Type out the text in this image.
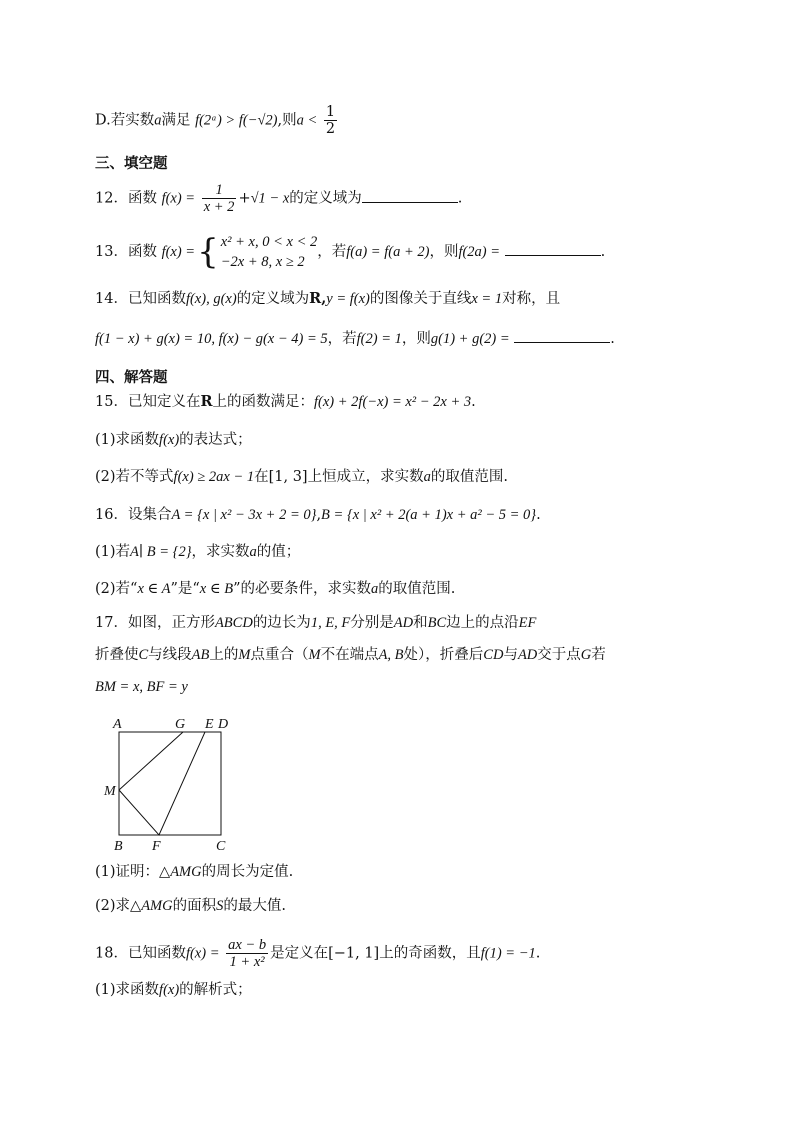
D.若实数a满足 f(2ᵃ) > f(−√2),则$a < \frac{1}{2}$
三、填空题
12．函数 $f(x) = \frac{1}{x + 2} +√1 - x$的定义域为	.
13．函数 f(x) ={ x² + x, 0 < x < 2
−2x + 8, x ≥ 2
，若f(a) = f(a + 2)，则f(2a) =	.
14．已知函数f(x), g(x)的定义域为R,y = f(x)的图像关于直线x = 1对称，且
f(1 − x) + g(x) = 10, f(x) − g(x − 4) = 5，若f(2) = 1，则g(1) + g(2) =	.
四、解答题
15．已知定义在R上的函数满足：f(x) + 2f(−x) = x² − 2x + 3.
(1)求函数f(x)的表达式；
(2)若不等式f(x) ≥ 2ax − 1在[1, 3]上恒成立，求实数a的取值范围.
16．设集合A = {x | x² − 3x + 2 = 0},B = {x | x² + 2(a + 1)x + a² − 5 = 0}.
(1)若A∣ B = {2}，求实数a的值；
(2)若“x ∈ A”是“x ∈ B”的必要条件，求实数a的取值范围.
17．如图，正方形ABCD的边长为1, E, F分别是AD和BC边上的点沿EF
折叠使C与线段AB上的M点重合（M不在端点A, B处），折叠后CD与AD交于点G若
BM = x, BF = y
A	G E D
M
B F	C
(1)证明：△AMG的周长为定值.
(2)求△AMG的面积S的最大值.
18．已知函数$f(x) = \frac{ax - b}{\text{1 + x²}}$ 是定义在[−1, 1]上的奇函数，且f(1) = −1.
(1)求函数f(x)的解析式；
